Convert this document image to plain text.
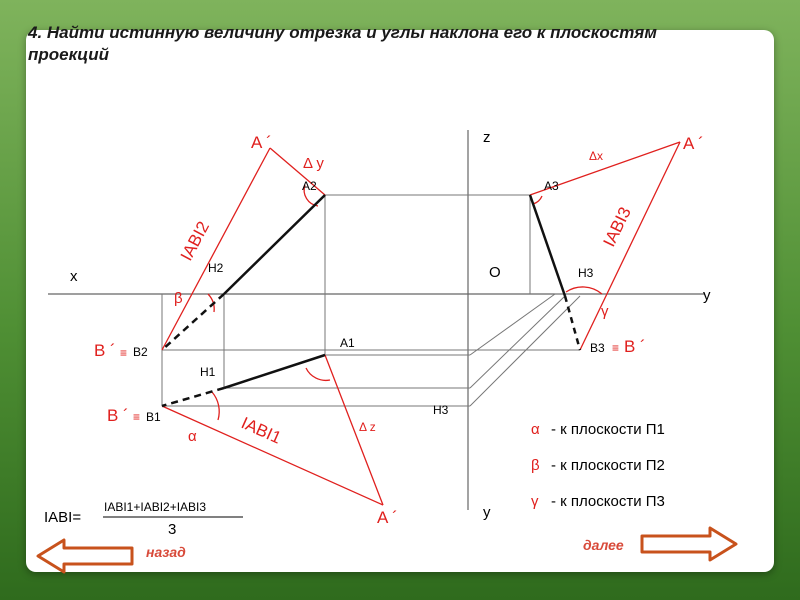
4. Найти истинную величину отрезка и углы наклона его к плоскостям проекций
x
z
y
y
O
A2	A3
A1
H2
H1
H3
H3
B2
B1
B3
A ´	A ´
A ´
B ´ ≡
B ´ ≡
≡ B ´
Δ y	Δx
Δ z
β
α
γ
IABI2	IABI3
IABI1	α - к плоскости П1
β - к плоскости П2
γ - к плоскости П3
IABI=
IABI1+IABI2+IABI3
3
назад	далее
